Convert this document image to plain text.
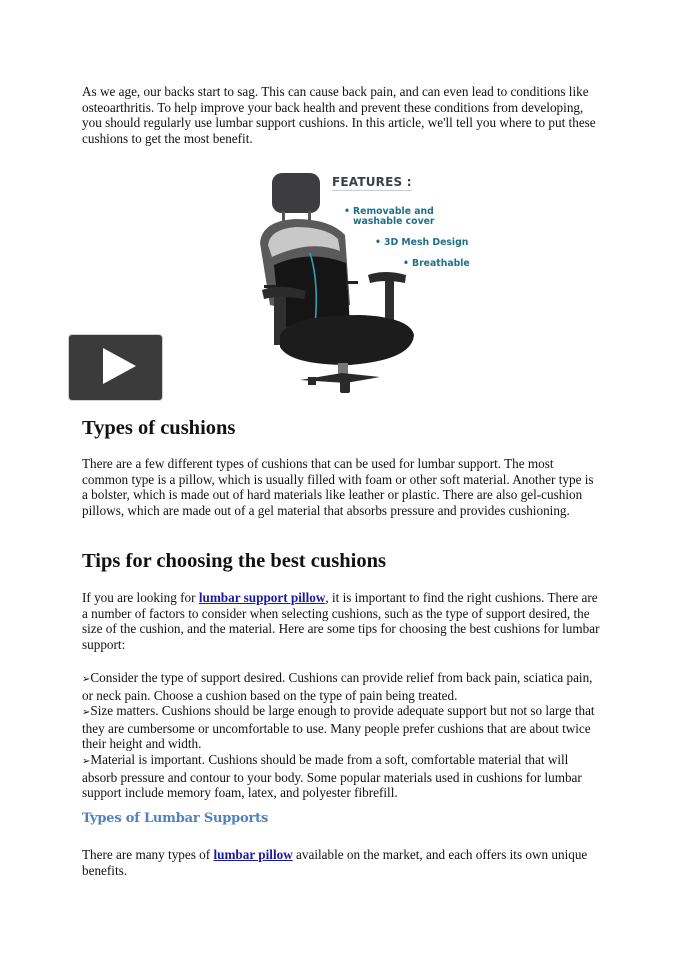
As we age, our backs start to sag. This can cause back pain, and can even lead to conditions like osteoarthritis. To help improve your back health and prevent these conditions from developing, you should regularly use lumbar support cushions. In this article, we'll tell you where to put these cushions to get the most benefit.

FEATURES :
• Removable and washable cover
• 3D Mesh Design
• Breathable
Types of cushions

There are a few different types of cushions that can be used for lumbar support. The most common type is a pillow, which is usually filled with foam or other soft material. Another type is a bolster, which is made out of hard materials like leather or plastic. There are also gel-cushion pillows, which are made out of a gel material that absorbs pressure and provides cushioning.

Tips for choosing the best cushions

If you are looking for lumbar support pillow, it is important to find the right cushions. There are a number of factors to consider when selecting cushions, such as the type of support desired, the size of the cushion, and the material. Here are some tips for choosing the best cushions for lumbar support:

➢Consider the type of support desired. Cushions can provide relief from back pain, sciatica pain, or neck pain. Choose a cushion based on the type of pain being treated.
➢Size matters. Cushions should be large enough to provide adequate support but not so large that they are cumbersome or uncomfortable to use. Many people prefer cushions that are about twice their height and width.
➢Material is important. Cushions should be made from a soft, comfortable material that will absorb pressure and contour to your body. Some popular materials used in cushions for lumbar support include memory foam, latex, and polyester fibrefill.
Types of Lumbar Supports

There are many types of lumbar pillow available on the market, and each offers its own unique benefits.
